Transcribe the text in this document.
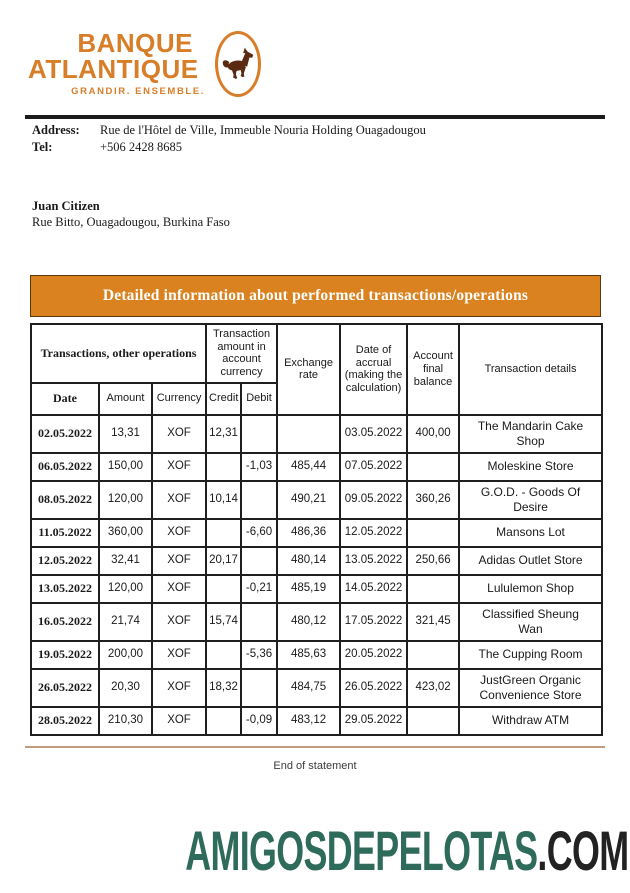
BANQUE
ATLANTIQUE
GRANDIR. ENSEMBLE.
Address: Rue de l'Hôtel de Ville, Immeuble Nouria Holding Ouagadougou
Tel:	+506 2428 8685
Juan Citizen
Rue Bitto, Ouagadougou, Burkina Faso
Detailed information about performed transactions/operations
Transactions, other operations			Transaction amount in account currency		Exchange rate	Date of accrual (making the calculation)	Account final balance	Transaction details
Date	Amount	Currency	Credit	Debit				
02.05.2022	13,31	XOF	12,31			03.05.2022	400,00	The Mandarin Cake Shop
06.05.2022	150,00	XOF		-1,03	485,44	07.05.2022		Moleskine Store
08.05.2022	120,00	XOF	10,14		490,21	09.05.2022	360,26	G.O.D. - Goods Of Desire
11.05.2022	360,00	XOF		-6,60	486,36	12.05.2022		Mansons Lot
12.05.2022	32,41	XOF	20,17		480,14	13.05.2022	250,66	Adidas Outlet Store
13.05.2022	120,00	XOF		-0,21	485,19	14.05.2022		Lululemon Shop
16.05.2022	21,74	XOF	15,74		480,12	17.05.2022	321,45	Classified Sheung Wan
19.05.2022	200,00	XOF		-5,36	485,63	20.05.2022		The Cupping Room
26.05.2022	20,30	XOF	18,32		484,75	26.05.2022	423,02	JustGreen Organic Convenience Store
28.05.2022	210,30	XOF		-0,09	483,12	29.05.2022		Withdraw ATM
End of statement
AMIGOSDEPELOTAS.COM
